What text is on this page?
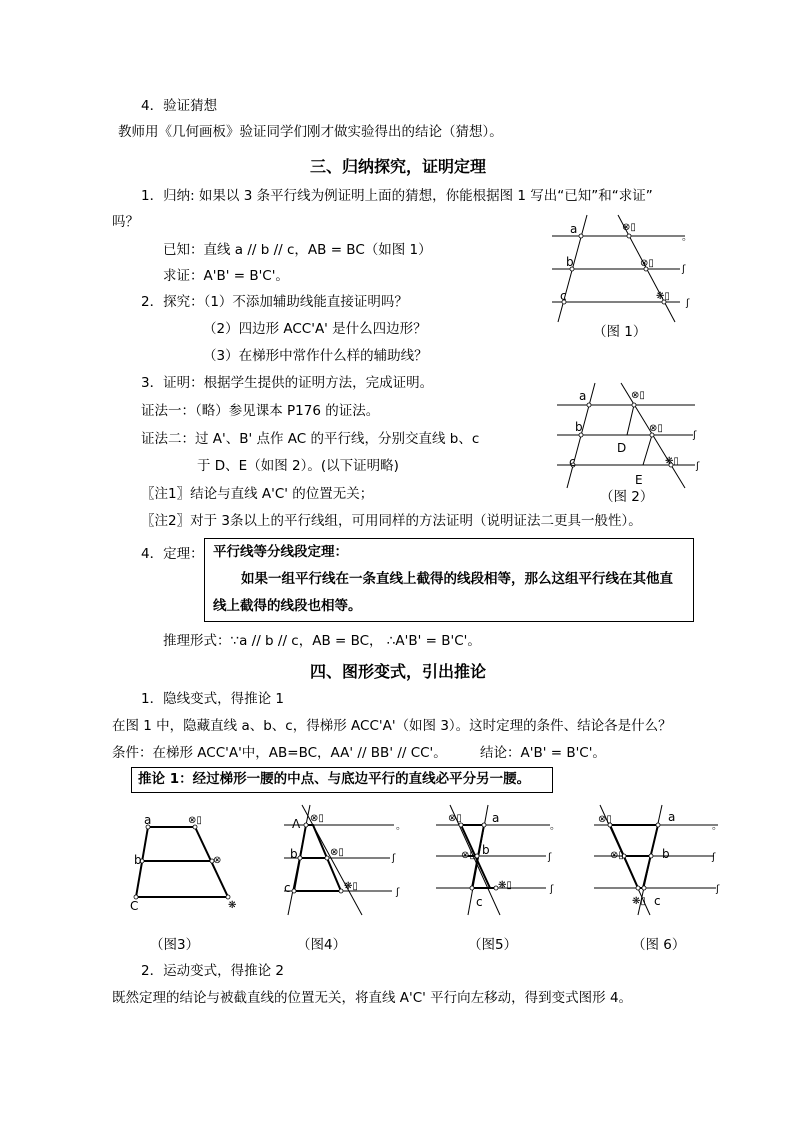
4．验证猜想
教师用《几何画板》验证同学们刚才做实验得出的结论（猜想）。
三、归纳探究，证明定理
1．归纳: 如果以 3 条平行线为例证明上面的猜想，你能根据图 1 写出“已知”和“求证”
吗？
已知：直线 a // b // c，AB = BC（如图 1）
求证：A'B' = B'C'。
2．探究：（1）不添加辅助线能直接证明吗？
（2）四边形 ACC'A' 是什么四边形？
（3）在梯形中常作什么样的辅助线？
3．证明：根据学生提供的证明方法，完成证明。
证法一：（略）参见课本 P176 的证法。
证法二：过 A'、B' 点作 AC 的平行线，分别交直线 b、c
于 D、E（如图 2）。(以下证明略)
〖注1〗结论与直线 A'C' 的位置无关；
〖注2〗对于 3条以上的平行线组，可用同样的方法证明（说明证法二更具一般性）。
4．定理： 平行线等分线段定理：
如果一组平行线在一条直线上截得的线段相等，那么这组平行线在其他直
线上截得的线段也相等。
推理形式：∵a // b // c，AB = BC， ∴A'B' = B'C'。
四、图形变式，引出推论
1．隐线变式，得推论 1
在图 1 中，隐藏直线 a、b、c，得梯形 ACC'A'（如图 3）。这时定理的条件、结论各是什么？
条件：在梯形 ACC'A'中，AB=BC，AA' // BB' // CC'。 结论：A'B' = B'C'。
推论 1：经过梯形一腰的中点、与底边平行的直线必平分另一腰。
2．运动变式，得推论 2
既然定理的结论与被截直线的位置无关，将直线 A'C' 平行向左移动，得到变式图形 4。
a
b
c
⊗▯
⊗▯
❋▯
。
ʃ
ʃ
（图 1）
a
b
c
D
E
⊗▯
⊗▯
❋▯
ʃ
ʃ
（图 2）
a
b
C
⊗▯
⊗
❋
（图3）
A
b
c
⊗▯
⊗▯
❋▯
。
ʃ
ʃ
（图4）
a
b
c
⊗▯
⊗▯
❋▯
。
ʃ
ʃ
（图5）
a
b
c
⊗▯
⊗▯
❋▯
。
ʃ
ʃ
（图 6）
